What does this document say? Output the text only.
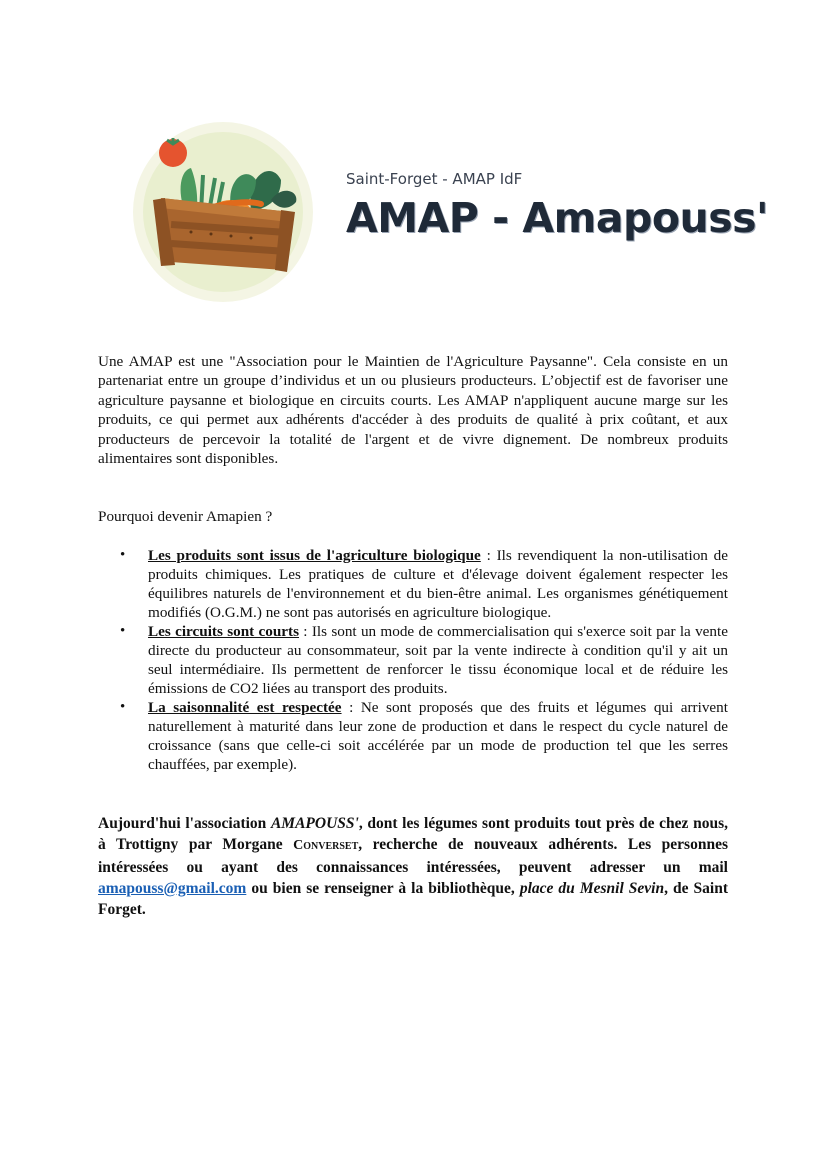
Saint-Forget - AMAP IdF
AMAP - Amapouss'

Une AMAP est une "Association pour le Maintien de l'Agriculture Paysanne". Cela consiste en un partenariat entre un groupe d’individus et un ou plusieurs producteurs. L’objectif est de favoriser une agriculture paysanne et biologique en circuits courts. Les AMAP n'appliquent aucune marge sur les produits, ce qui permet aux adhérents d'accéder à des produits de qualité à prix coûtant, et aux producteurs de percevoir la totalité de l'argent et de vivre dignement. De nombreux produits alimentaires sont disponibles.

Pourquoi devenir Amapien ?

• Les produits sont issus de l'agriculture biologique : Ils revendiquent la non-utilisation de produits chimiques. Les pratiques de culture et d'élevage doivent également respecter les équilibres naturels de l'environnement et du bien-être animal. Les organismes génétiquement modifiés (O.G.M.) ne sont pas autorisés en agriculture biologique.
• Les circuits sont courts : Ils sont un mode de commercialisation qui s'exerce soit par la vente directe du producteur au consommateur, soit par la vente indirecte à condition qu'il y ait un seul intermédiaire. Ils permettent de renforcer le tissu économique local et de réduire les émissions de CO2 liées au transport des produits.
• La saisonnalité est respectée : Ne sont proposés que des fruits et légumes qui arrivent naturellement à maturité dans leur zone de production et dans le respect du cycle naturel de croissance (sans que celle-ci soit accélérée par un mode de production tel que les serres chauffées, par exemple).

Aujourd'hui l'association AMAPOUSS', dont les légumes sont produits tout près de chez nous, à Trottigny par Morgane Converset, recherche de nouveaux adhérents. Les personnes intéressées ou ayant des connaissances intéressées, peuvent adresser un mail amapouss@gmail.com ou bien se renseigner à la bibliothèque, place du Mesnil Sevin, de Saint Forget.
